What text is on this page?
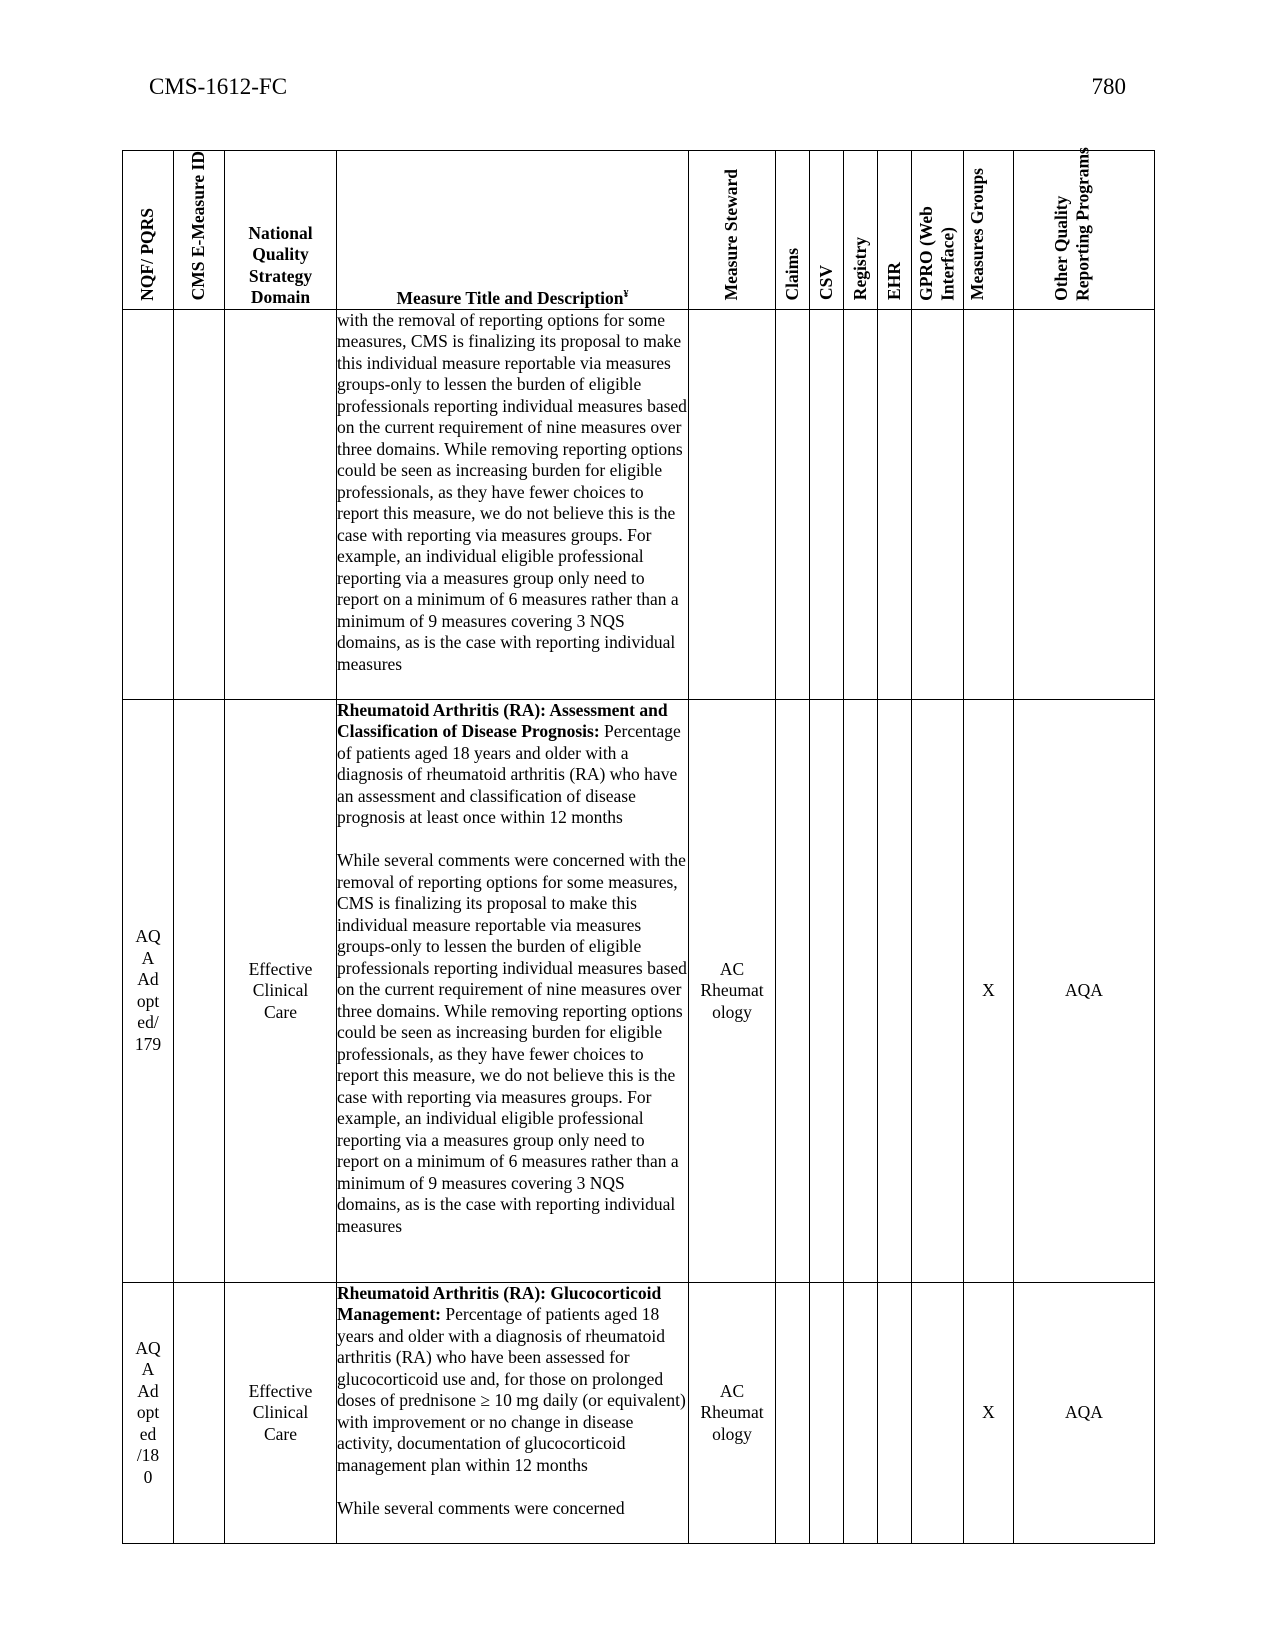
CMS-1612-FC	780
NQF/ PQRS	CMS E-Measure ID	National Quality Strategy Domain	Measure Title and Description¥	Measure Steward	Claims	CSV	Registry	EHR	GPRO (Web Interface)	Measures Groups	Other Quality Reporting Programs

			with the removal of reporting options for some measures, CMS is finalizing its proposal to make this individual measure reportable via measures groups-only to lessen the burden of eligible professionals reporting individual measures based on the current requirement of nine measures over three domains. While removing reporting options could be seen as increasing burden for eligible professionals, as they have fewer choices to report this measure, we do not believe this is the case with reporting via measures groups. For example, an individual eligible professional reporting via a measures group only need to report on a minimum of 6 measures rather than a minimum of 9 measures covering 3 NQS domains, as is the case with reporting individual measures								

AQ A Ad opt ed/ 179		Effective Clinical Care	Rheumatoid Arthritis (RA): Assessment and Classification of Disease Prognosis: Percentage of patients aged 18 years and older with a diagnosis of rheumatoid arthritis (RA) who have an assessment and classification of disease prognosis at least once within 12 months

While several comments were concerned with the removal of reporting options for some measures, CMS is finalizing its proposal to make this individual measure reportable via measures groups-only to lessen the burden of eligible professionals reporting individual measures based on the current requirement of nine measures over three domains. While removing reporting options could be seen as increasing burden for eligible professionals, as they have fewer choices to report this measure, we do not believe this is the case with reporting via measures groups. For example, an individual eligible professional reporting via a measures group only need to report on a minimum of 6 measures rather than a minimum of 9 measures covering 3 NQS domains, as is the case with reporting individual measures	AC Rheumat ology						X	AQA

AQ A Ad opt ed /18 0		Effective Clinical Care	Rheumatoid Arthritis (RA): Glucocorticoid Management: Percentage of patients aged 18 years and older with a diagnosis of rheumatoid arthritis (RA) who have been assessed for glucocorticoid use and, for those on prolonged doses of prednisone ≥ 10 mg daily (or equivalent) with improvement or no change in disease activity, documentation of glucocorticoid management plan within 12 months

While several comments were concerned	AC Rheumat ology						X	AQA
